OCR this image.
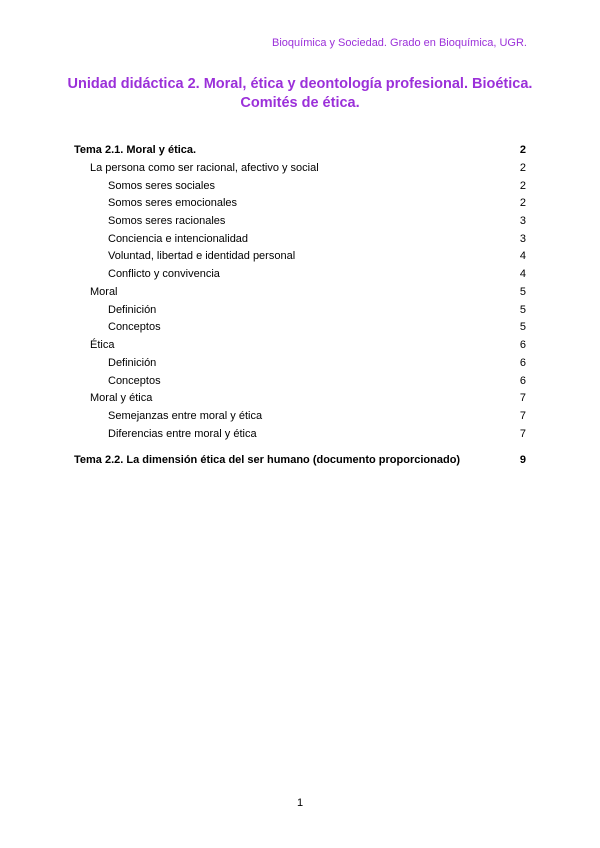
Bioquímica y Sociedad. Grado en Bioquímica, UGR.
Unidad didáctica 2. Moral, ética y deontología profesional. Bioética.
Comités de ética.
Tema 2.1. Moral y ética.	2
La persona como ser racional, afectivo y social	2
Somos seres sociales	2
Somos seres emocionales	2
Somos seres racionales	3
Conciencia e intencionalidad	3
Voluntad, libertad e identidad personal	4
Conflicto y convivencia	4
Moral	5
Definición	5
Conceptos	5
Ética	6
Definición	6
Conceptos	6
Moral y ética	7
Semejanzas entre moral y ética	7
Diferencias entre moral y ética	7
Tema 2.2. La dimensión ética del ser humano (documento proporcionado)	9
1
